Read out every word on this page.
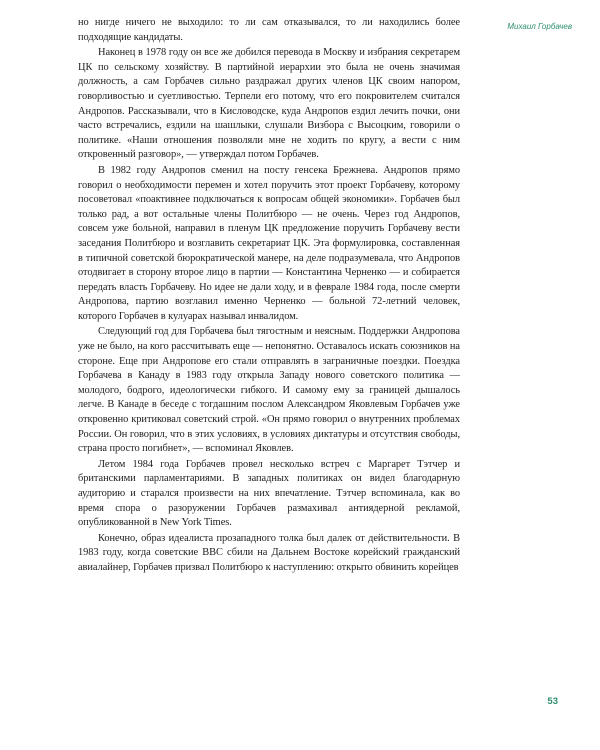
Михаил Горбачев

но нигде ничего не выходило: то ли сам отказывался, то ли находились более подходящие кандидаты.

Наконец в 1978 году он все же добился перевода в Москву и избрания секретарем ЦК по сельскому хозяйству. В партийной иерархии это была не очень значимая должность, а сам Горбачев сильно раздражал других членов ЦК своим напором, говорливостью и суетливостью. Терпели его потому, что его покровителем считался Андропов. Рассказывали, что в Кисловодске, куда Андропов ездил лечить почки, они часто встречались, ездили на шашлыки, слушали Визбора с Высоцким, говорили о политике. «Наши отношения позволяли мне не ходить по кругу, а вести с ним откровенный разговор», — утверждал потом Горбачев.

В 1982 году Андропов сменил на посту генсека Брежнева. Андропов прямо говорил о необходимости перемен и хотел поручить этот проект Горбачеву, которому посоветовал «поактивнее подключаться к вопросам общей экономики». Горбачев был только рад, а вот остальные члены Политбюро — не очень. Через год Андропов, совсем уже больной, направил в пленум ЦК предложение поручить Горбачеву вести заседания Политбюро и возглавить секретариат ЦК. Эта формулировка, составленная в типичной советской бюрократической манере, на деле подразумевала, что Андропов отодвигает в сторону второе лицо в партии — Константина Черненко — и собирается передать власть Горбачеву. Но идее не дали ходу, и в феврале 1984 года, после смерти Андропова, партию возглавил именно Черненко — больной 72-летний человек, которого Горбачев в кулуарах называл инвалидом.

Следующий год для Горбачева был тягостным и неясным. Поддержки Андропова уже не было, на кого рассчитывать еще — непонятно. Оставалось искать союзников на стороне. Еще при Андропове его стали отправлять в заграничные поездки. Поездка Горбачева в Канаду в 1983 году открыла Западу нового советского политика — молодого, бодрого, идеологически гибкого. И самому ему за границей дышалось легче. В Канаде в беседе с тогдашним послом Александром Яковлевым Горбачев уже откровенно критиковал советский строй. «Он прямо говорил о внутренних проблемах России. Он говорил, что в этих условиях, в условиях диктатуры и отсутствия свободы, страна просто погибнет», — вспоминал Яковлев.

Летом 1984 года Горбачев провел несколько встреч с Маргарет Тэтчер и британскими парламентариями. В западных политиках он видел благодарную аудиторию и старался произвести на них впечатление. Тэтчер вспоминала, как во время спора о разоружении Горбачев размахивал антиядерной рекламой, опубликованной в New York Times.

Конечно, образ идеалиста прозападного толка был далек от действительности. В 1983 году, когда советские ВВС сбили на Дальнем Востоке корейский гражданский авиалайнер, Горбачев призвал Политбюро к наступлению: открыто обвинить корейцев

53
